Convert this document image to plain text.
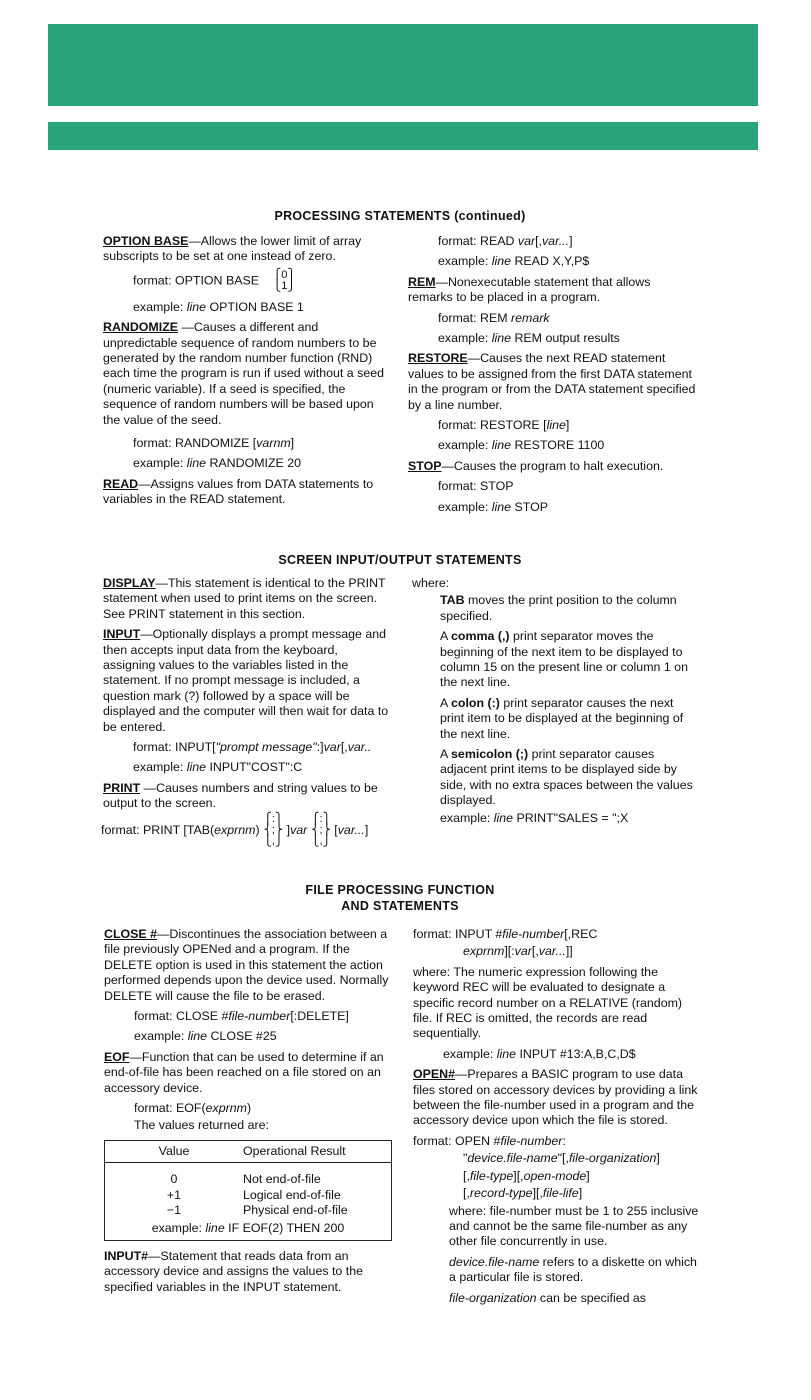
PROCESSING STATEMENTS (continued)

OPTION BASE—Allows the lower limit of array subscripts to be set at one instead of zero.

format: OPTION BASE ⎧0⎫
⎩1⎭

example: line OPTION BASE 1

RANDOMIZE —Causes a different and unpredictable sequence of random numbers to be generated by the random number function (RND) each time the program is run if used without a seed (numeric variable). If a seed is specified, the sequence of random numbers will be based upon the value of the seed.

format: RANDOMIZE [varnm]

example: line RANDOMIZE 20

READ—Assigns values from DATA statements to variables in the READ statement.

format: READ var[,var...]

example: line READ X,Y,P$

REM—Nonexecutable statement that allows remarks to be placed in a program.

format: REM remark

example: line REM output results

RESTORE—Causes the next READ statement values to be assigned from the first DATA statement in the program or from the DATA statement specified by a line number.

format: RESTORE [line]

example: line RESTORE 1100

STOP—Causes the program to halt execution.

format: STOP

example: line STOP

SCREEN INPUT/OUTPUT STATEMENTS

DISPLAY—This statement is identical to the PRINT statement when used to print items on the screen. See PRINT statement in this section.

INPUT—Optionally displays a prompt message and then accepts input data from the keyboard, assigning values to the variables listed in the statement. If no prompt message is included, a question mark (?) followed by a space will be displayed and the computer will then wait for data to be entered.

format: INPUT["prompt message":]var[,var..

example: line INPUT"COST":C

PRINT —Causes numbers and string values to be output to the screen.

format: PRINT [TAB(exprnm)⎧:⎫
⎨;⎬
⎩,⎭ ]var⎧:⎫
⎨;⎬
⎩,⎭ [var...]

where:

TAB moves the print position to the column specified.

A comma (,) print separator moves the beginning of the next item to be displayed to column 15 on the present line or column 1 on the next line.

A colon (:) print separator causes the next print item to be displayed at the beginning of the next line.

A semicolon (;) print separator causes adjacent print items to be displayed side by side, with no extra spaces between the values displayed.

example: line PRINT"SALES = ";X

FILE PROCESSING FUNCTION
AND STATEMENTS

CLOSE #—Discontinues the association between a file previously OPENed and a program. If the DELETE option is used in this statement the action performed depends upon the device used. Normally DELETE will cause the file to be erased.

format: CLOSE #file-number[:DELETE]

example: line CLOSE #25

EOF—Function that can be used to determine if an end-of-file has been reached on a file stored on an accessory device.

format: EOF(exprnm)

The values returned are:

Value	Operational Result
0	Not end-of-file
+1	Logical end-of-file
−1	Physical end-of-file
example: line IF EOF(2) THEN 200

INPUT#—Statement that reads data from an accessory device and assigns the values to the specified variables in the INPUT statement.

format: INPUT #file-number[,REC

exprnm][:var[,var...]]

where: The numeric expression following the keyword REC will be evaluated to designate a specific record number on a RELATIVE (random) file. If REC is omitted, the records are read sequentially.

example: line INPUT #13:A,B,C,D$

OPEN#—Prepares a BASIC program to use data files stored on accessory devices by providing a link between the file-number used in a program and the accessory device upon which the file is stored.

format: OPEN #file-number:

"device.file-name"[,file-organization]

[,file-type][,open-mode]

[,record-type][,file-life]

where: file-number must be 1 to 255 inclusive and cannot be the same file-number as any other file concurrently in use.

device.file-name refers to a diskette on which a particular file is stored.

file-organization can be specified as
